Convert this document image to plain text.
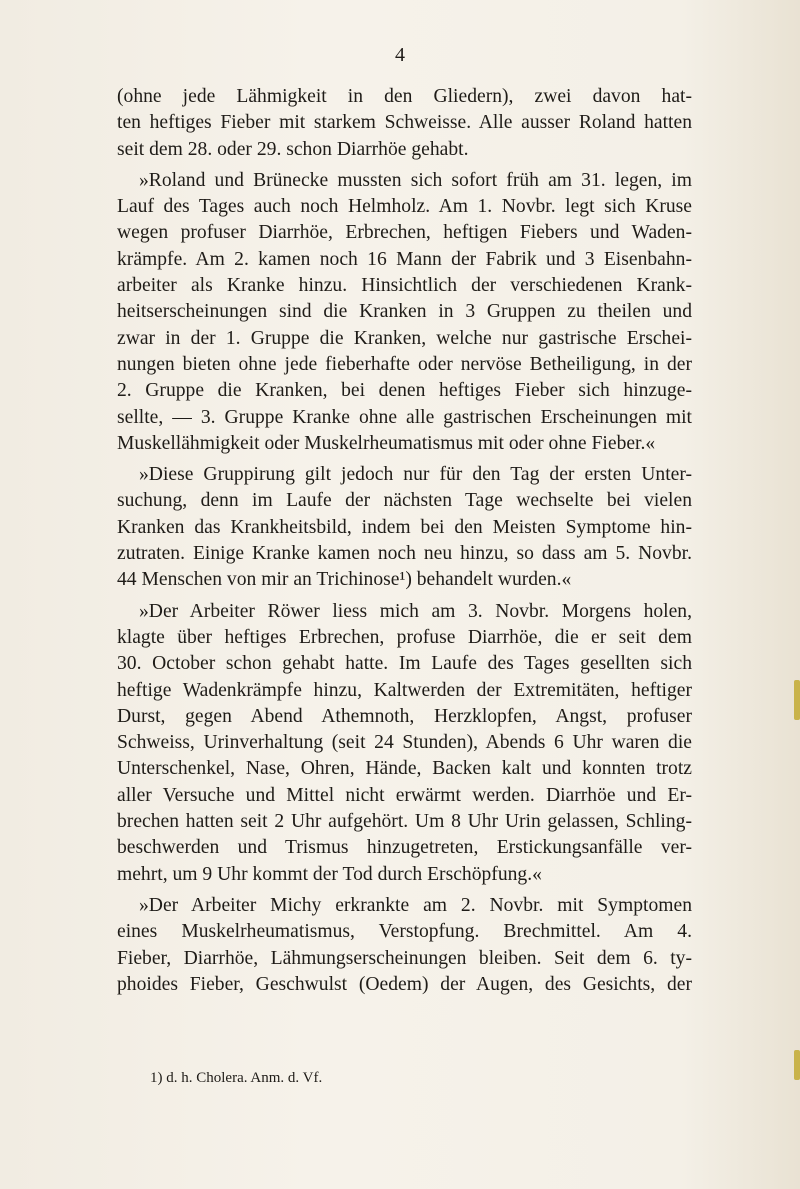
4
(ohne jede Lähmigkeit in den Gliedern), zwei davon hat-
ten heftiges Fieber mit starkem Schweisse. Alle ausser Roland hatten
seit dem 28. oder 29. schon Diarrhöe gehabt.
»Roland und Brünecke mussten sich sofort früh am 31. legen, im
Lauf des Tages auch noch Helmholz. Am 1. Novbr. legt sich Kruse
wegen profuser Diarrhöe, Erbrechen, heftigen Fiebers und Waden-
krämpfe. Am 2. kamen noch 16 Mann der Fabrik und 3 Eisenbahn-
arbeiter als Kranke hinzu. Hinsichtlich der verschiedenen Krank-
heitserscheinungen sind die Kranken in 3 Gruppen zu theilen und
zwar in der 1. Gruppe die Kranken, welche nur gastrische Erschei-
nungen bieten ohne jede fieberhafte oder nervöse Betheiligung, in der
2. Gruppe die Kranken, bei denen heftiges Fieber sich hinzuge-
sellte, — 3. Gruppe Kranke ohne alle gastrischen Erscheinungen mit
Muskellähmigkeit oder Muskelrheumatismus mit oder ohne Fieber.«
»Diese Gruppirung gilt jedoch nur für den Tag der ersten Unter-
suchung, denn im Laufe der nächsten Tage wechselte bei vielen
Kranken das Krankheitsbild, indem bei den Meisten Symptome hin-
zutraten. Einige Kranke kamen noch neu hinzu, so dass am 5. Novbr.
44 Menschen von mir an Trichinose¹) behandelt wurden.«
»Der Arbeiter Röwer liess mich am 3. Novbr. Morgens holen,
klagte über heftiges Erbrechen, profuse Diarrhöe, die er seit dem
30. October schon gehabt hatte. Im Laufe des Tages gesellten sich
heftige Wadenkrämpfe hinzu, Kaltwerden der Extremitäten, heftiger
Durst, gegen Abend Athemnoth, Herzklopfen, Angst, profuser
Schweiss, Urinverhaltung (seit 24 Stunden), Abends 6 Uhr waren die
Unterschenkel, Nase, Ohren, Hände, Backen kalt und konnten trotz
aller Versuche und Mittel nicht erwärmt werden. Diarrhöe und Er-
brechen hatten seit 2 Uhr aufgehört. Um 8 Uhr Urin gelassen, Schling-
beschwerden und Trismus hinzugetreten, Erstickungsanfälle ver-
mehrt, um 9 Uhr kommt der Tod durch Erschöpfung.«
»Der Arbeiter Michy erkrankte am 2. Novbr. mit Symptomen
eines Muskelrheumatismus, Verstopfung. Brechmittel. Am 4.
Fieber, Diarrhöe, Lähmungserscheinungen bleiben. Seit dem 6. ty-
phoides Fieber, Geschwulst (Oedem) der Augen, des Gesichts, der
1) d. h. Cholera. Anm. d. Vf.
